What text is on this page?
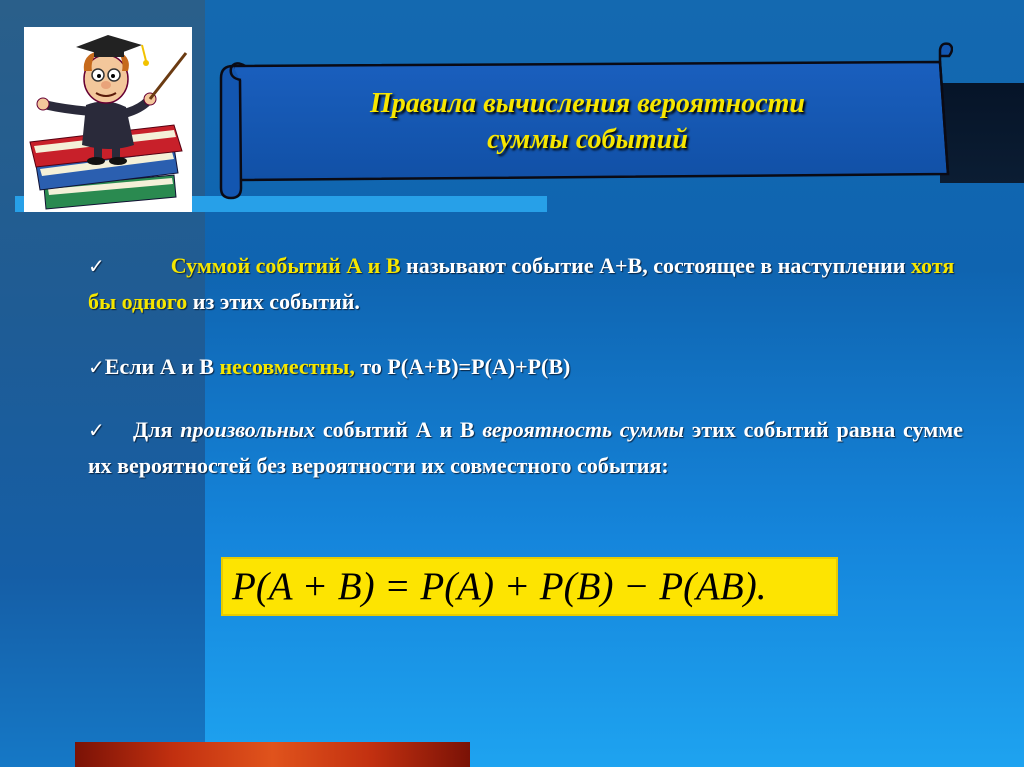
Правила вычисления вероятности
суммы событий
✓	Суммой событий А и В называют событие А+В, состоящее в наступлении хотя бы одного из этих событий.
✓Если А и В несовместны, то Р(А+В)=Р(А)+Р(В)
✓ Для произвольных событий А и В вероятность суммы этих событий равна сумме их вероятностей без вероятности их совместного события:
P(A + B) = P(A) + P(B) − P(AB).
